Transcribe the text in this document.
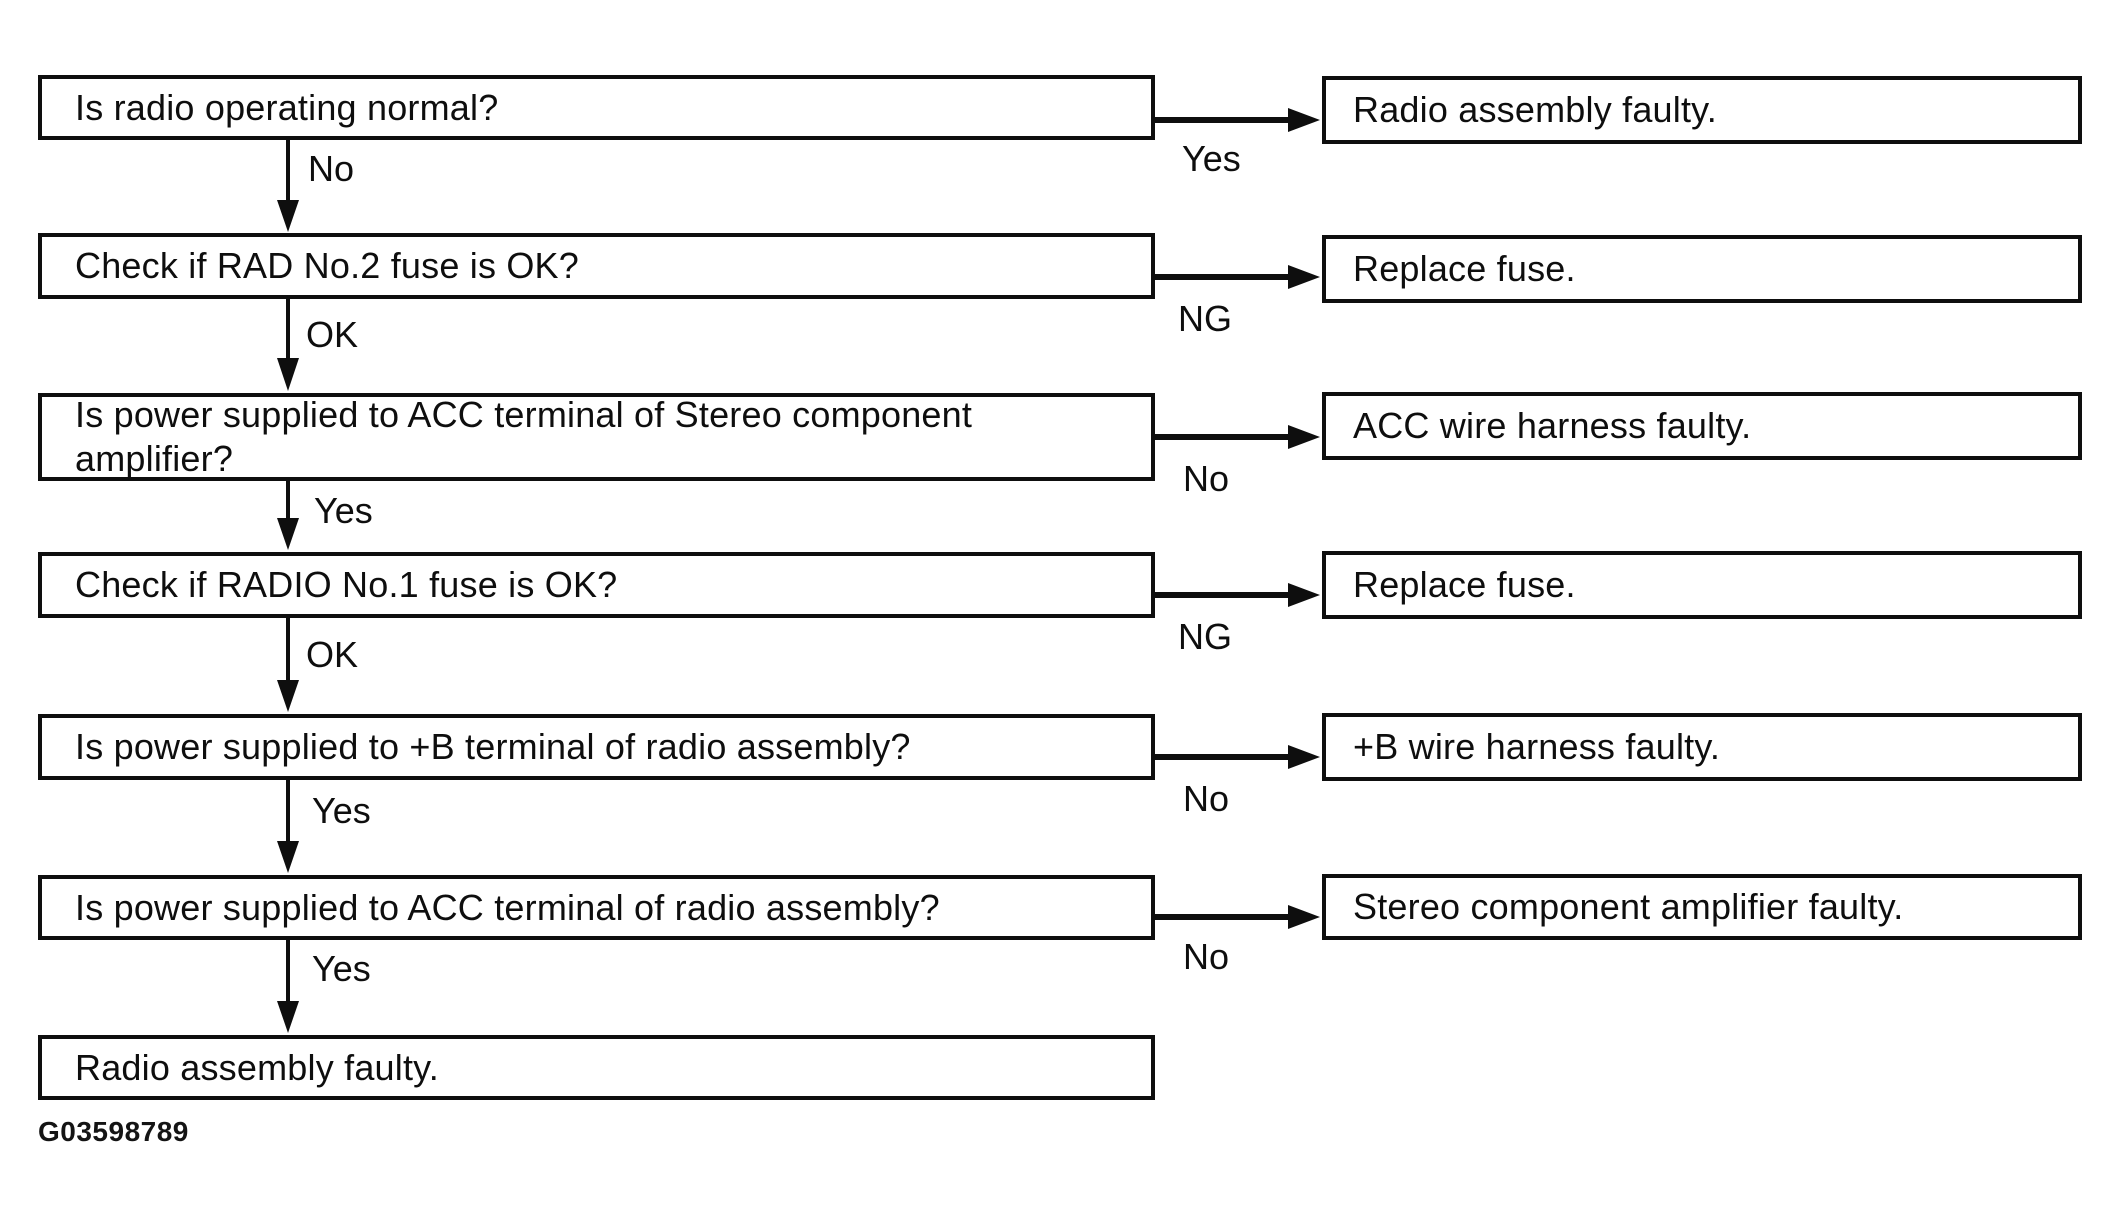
Is radio operating normal?
Check if RAD No.2 fuse is OK?
Is power supplied to ACC terminal of Stereo component amplifier?
Check if RADIO No.1 fuse is OK?
Is power supplied to +B terminal of radio assembly?
Is power supplied to ACC terminal of radio assembly?
Radio assembly faulty.
Radio assembly faulty.
Replace fuse.
ACC wire harness faulty.
Replace fuse.
+B wire harness faulty.
Stereo component amplifier faulty.
No
OK
Yes
OK
Yes
Yes
Yes
NG
No
NG
No
No
G03598789
